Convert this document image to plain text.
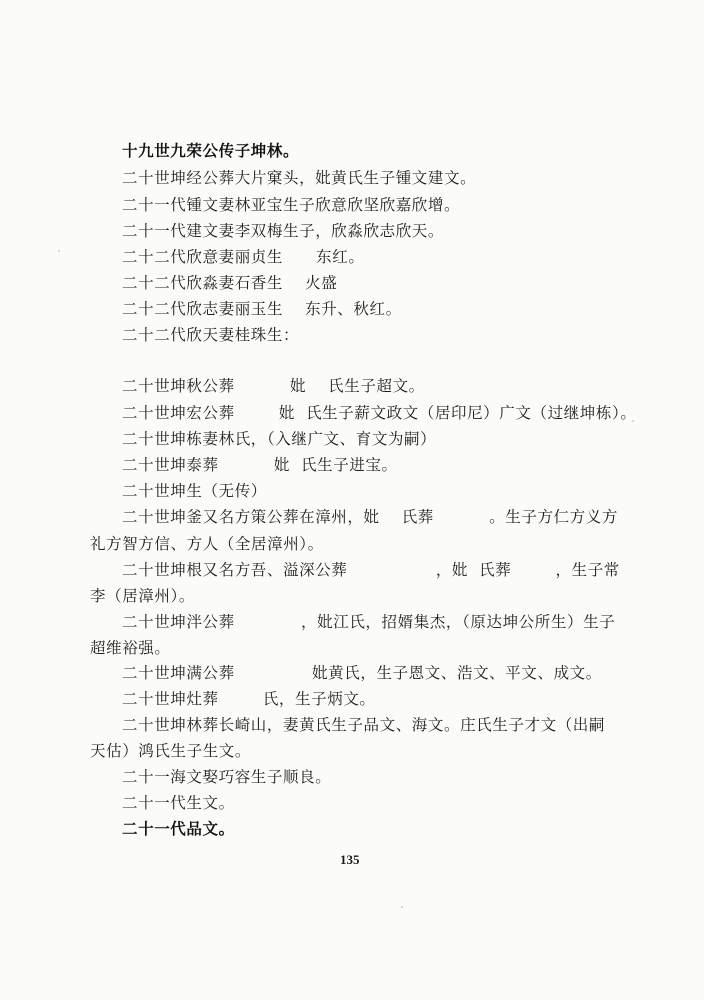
十九世九荣公传子坤林。
二十世坤经公葬大片窠头，妣黄氏生子锺文建文。
二十一代锺文妻林亚宝生子欣意欣坚欣嘉欣增。
二十一代建文妻李双梅生子，欣淼欣志欣天。
二十二代欣意妻丽贞生      东红。
二十二代欣淼妻石香生    火盛
二十二代欣志妻丽玉生    东升、秋红。
二十二代欣天妻桂珠生：
二十世坤秋公葬          妣    氏生子超文。
二十世坤宏公葬        妣  氏生子薪文政文（居印尼）广文（过继坤栋）。
二十世坤栋妻林氏，（入继广文、育文为嗣）
二十世坤泰葬          妣  氏生子进宝。
二十世坤生（无传）
二十世坤釜又名方策公葬在漳州，妣    氏葬          。生子方仁方义方
礼方智方信、方人（全居漳州）。
二十世坤根又名方吾、溢深公葬                ，妣  氏葬        ，生子常
李（居漳州）。
二十世坤泮公葬            ，妣江氏，招婿集杰，（原达坤公所生）生子
超维裕强。
二十世坤满公葬              妣黄氏，生子恩文、浩文、平文、成文。
二十世坤灶葬        氏，生子炳文。
二十世坤林葬长崎山，妻黄氏生子品文、海文。庄氏生子才文（出嗣
天估）鸿氏生子生文。
二十一海文娶巧容生子顺良。
二十一代生文。
二十一代品文。
135
